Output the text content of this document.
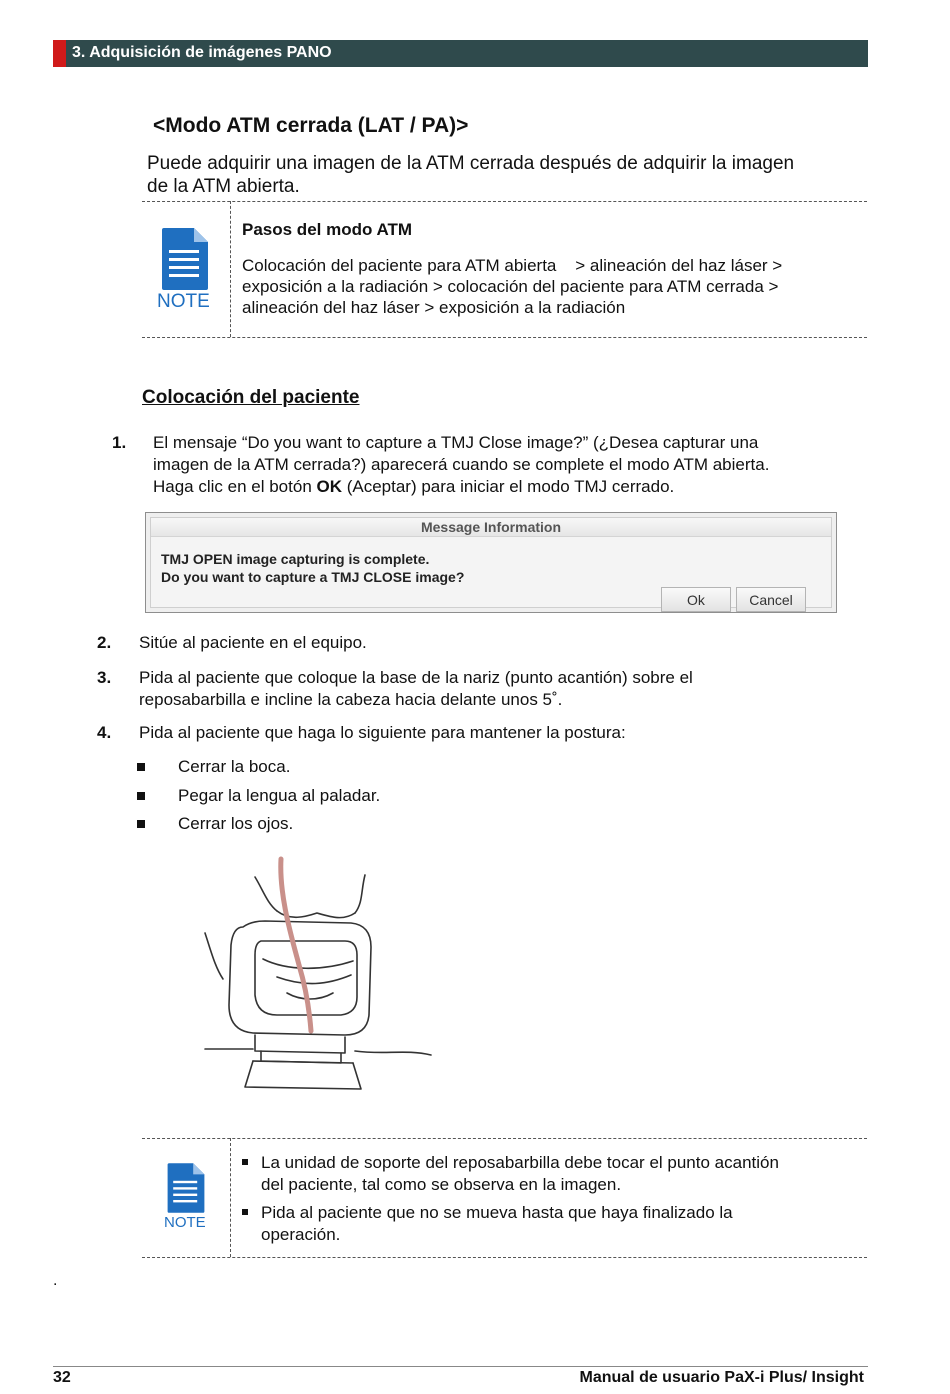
3. Adquisición de imágenes PANO
<Modo ATM cerrada (LAT / PA)>
Puede adquirir una imagen de la ATM cerrada después de adquirir la imagen
de la ATM abierta.
NOTE
Pasos del modo ATM
Colocación del paciente para ATM abierta    > alineación del haz láser >
exposición a la radiación > colocación del paciente para ATM cerrada >
alineación del haz láser > exposición a la radiación
Colocación del paciente
1. El mensaje “Do you want to capture a TMJ Close image?” (¿Desea capturar una
imagen de la ATM cerrada?) aparecerá cuando se complete el modo ATM abierta.
Haga clic en el botón OK (Aceptar) para iniciar el modo TMJ cerrado.
Message Information
TMJ OPEN image capturing is complete.
Do you want to capture a TMJ CLOSE image?
Ok	Cancel
2. Sitúe al paciente en el equipo.
3. Pida al paciente que coloque la base de la nariz (punto acantión) sobre el
reposabarbilla e incline la cabeza hacia delante unos 5˚.
4. Pida al paciente que haga lo siguiente para mantener la postura:
Cerrar la boca.
Pegar la lengua al paladar.
Cerrar los ojos.
NOTE
La unidad de soporte del reposabarbilla debe tocar el punto acantión
del paciente, tal como se observa en la imagen.
Pida al paciente que no se mueva hasta que haya finalizado la
operación.
.
32	Manual de usuario PaX-i Plus/ Insight
